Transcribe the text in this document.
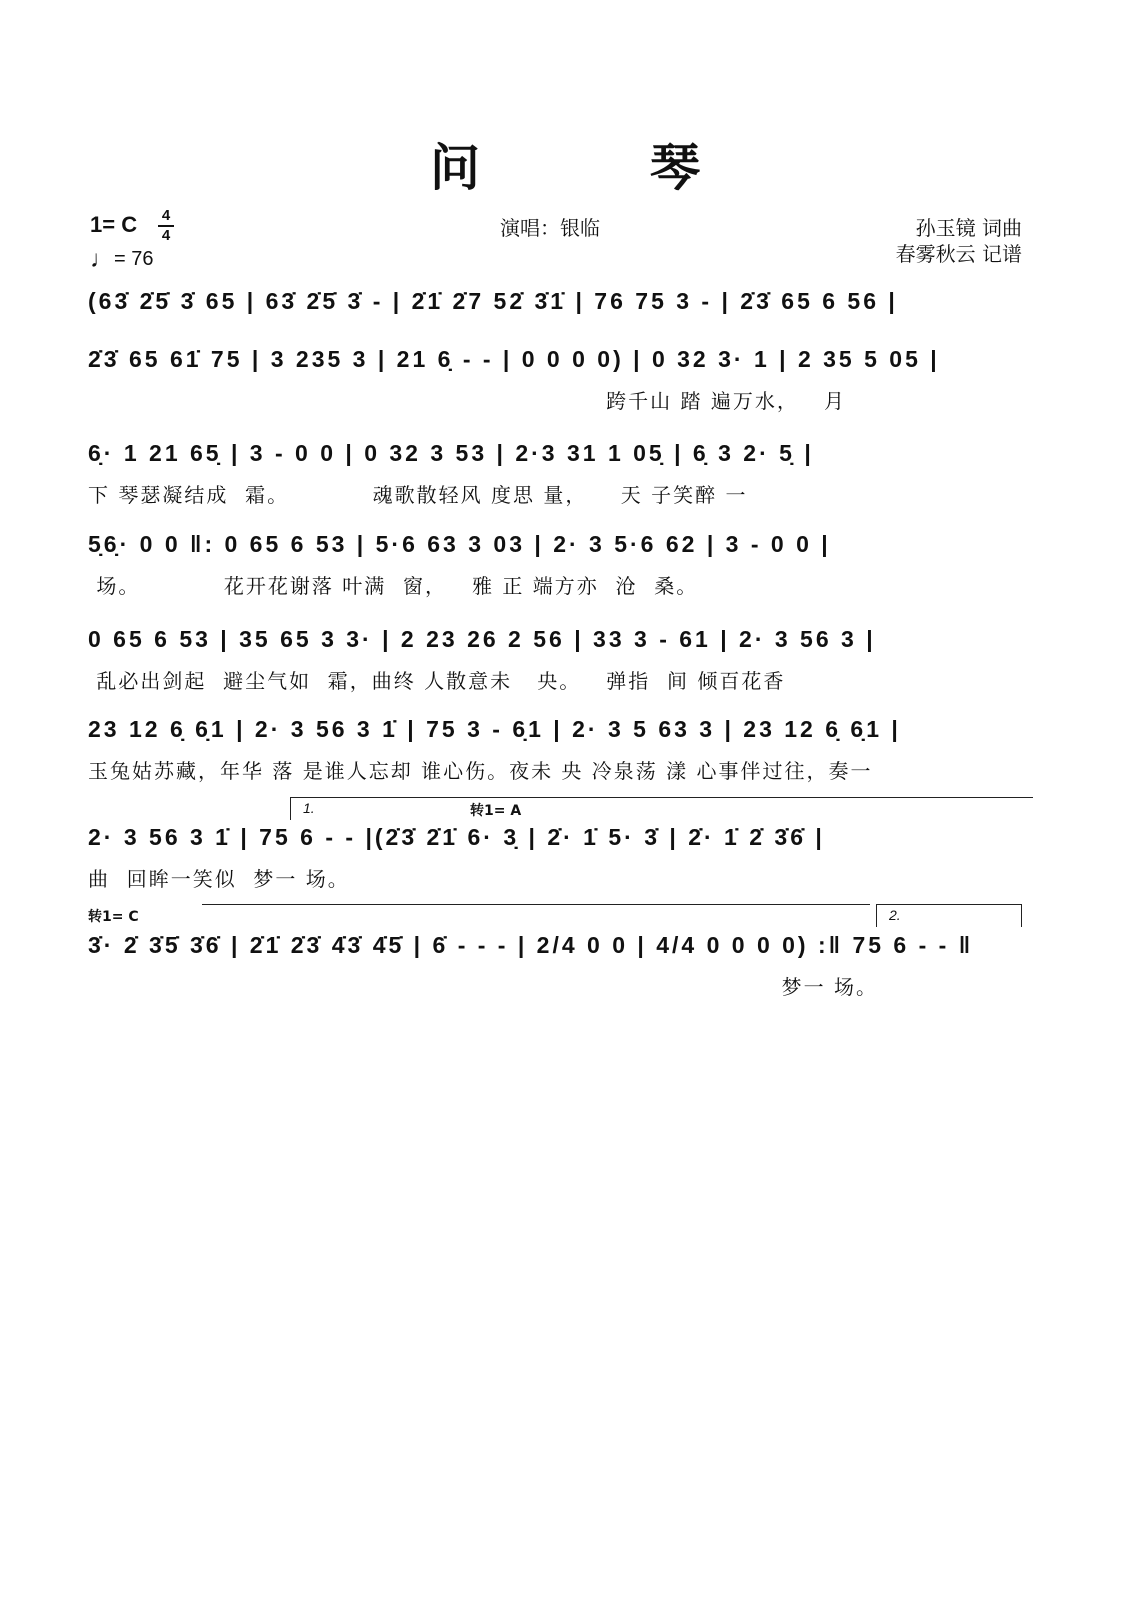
问　琴
1= C 4
4
♩= 76
演唱：银临	孙玉镜 词曲
春雾秋云 记谱
(63̇ 2̇5̇ 3̇ 65 | 63̇ 2̇5̇ 3̇ - | 2̇1̇ 2̇7 52̇ 3̇1̇ | 76 75 3 - | 2̇3̇ 65 6 56 |
2̇3̇ 65 61̇ 75 | 3 235 3 | 21 6̣ - - | 0 0 0 0) | 0 32 3· 1 | 2 35 5 05 |
跨千山 踏 遍万水，   月
6̣· 1 21 65̣ | 3 - 0 0 | 0 32 3 53 | 2·3 31 1 05̣ | 6̣ 3 2· 5̣ |
下 琴瑟凝结成  霜。          魂歌散轻风 度思 量，    天 子笑醉 一
5̣6̣· 0 0 ‖: 0 65 6 53 | 5·6 63 3 03 | 2· 3 5·6 62 | 3 - 0 0 |
场。          花开花谢落 叶满  窗，   雅 正 端方亦  沧  桑。
0 65 6 53 | 35 65 3 3· | 2 23 26 2 56 | 33 3 - 61 | 2· 3 56 3 |
乱必出剑起  避尘气如  霜，曲终 人散意未   央。   弹指  间 倾百花香
23 12 6̣ 6̣1 | 2· 3 56 3 1̇ | 75 3 - 6̣1 | 2· 3 5 63 3 | 23 12 6̣ 6̣1 |
玉兔姑苏藏，年华 落 是谁人忘却 谁心伤。夜未 央 冷泉荡 漾 心事伴过往，奏一
1.	转1= A
2· 3 56 3 1̇ | 75 6 - - |(2̇3̇ 2̇1̇ 6· 3̣ | 2̇· 1̇ 5· 3̇ | 2̇· 1̇ 2̇ 3̇6̇ |
曲  回眸一笑似  梦一 场。
转1= C	2.
3̇· 2̇ 3̇5̇ 3̇6̇ | 2̇1̇ 2̇3̇ 4̇3̇ 4̇5̇ | 6̇ - - - | 2/4 0 0 | 4/4 0 0 0 0) :‖ 75 6 - - ‖
梦一 场。
